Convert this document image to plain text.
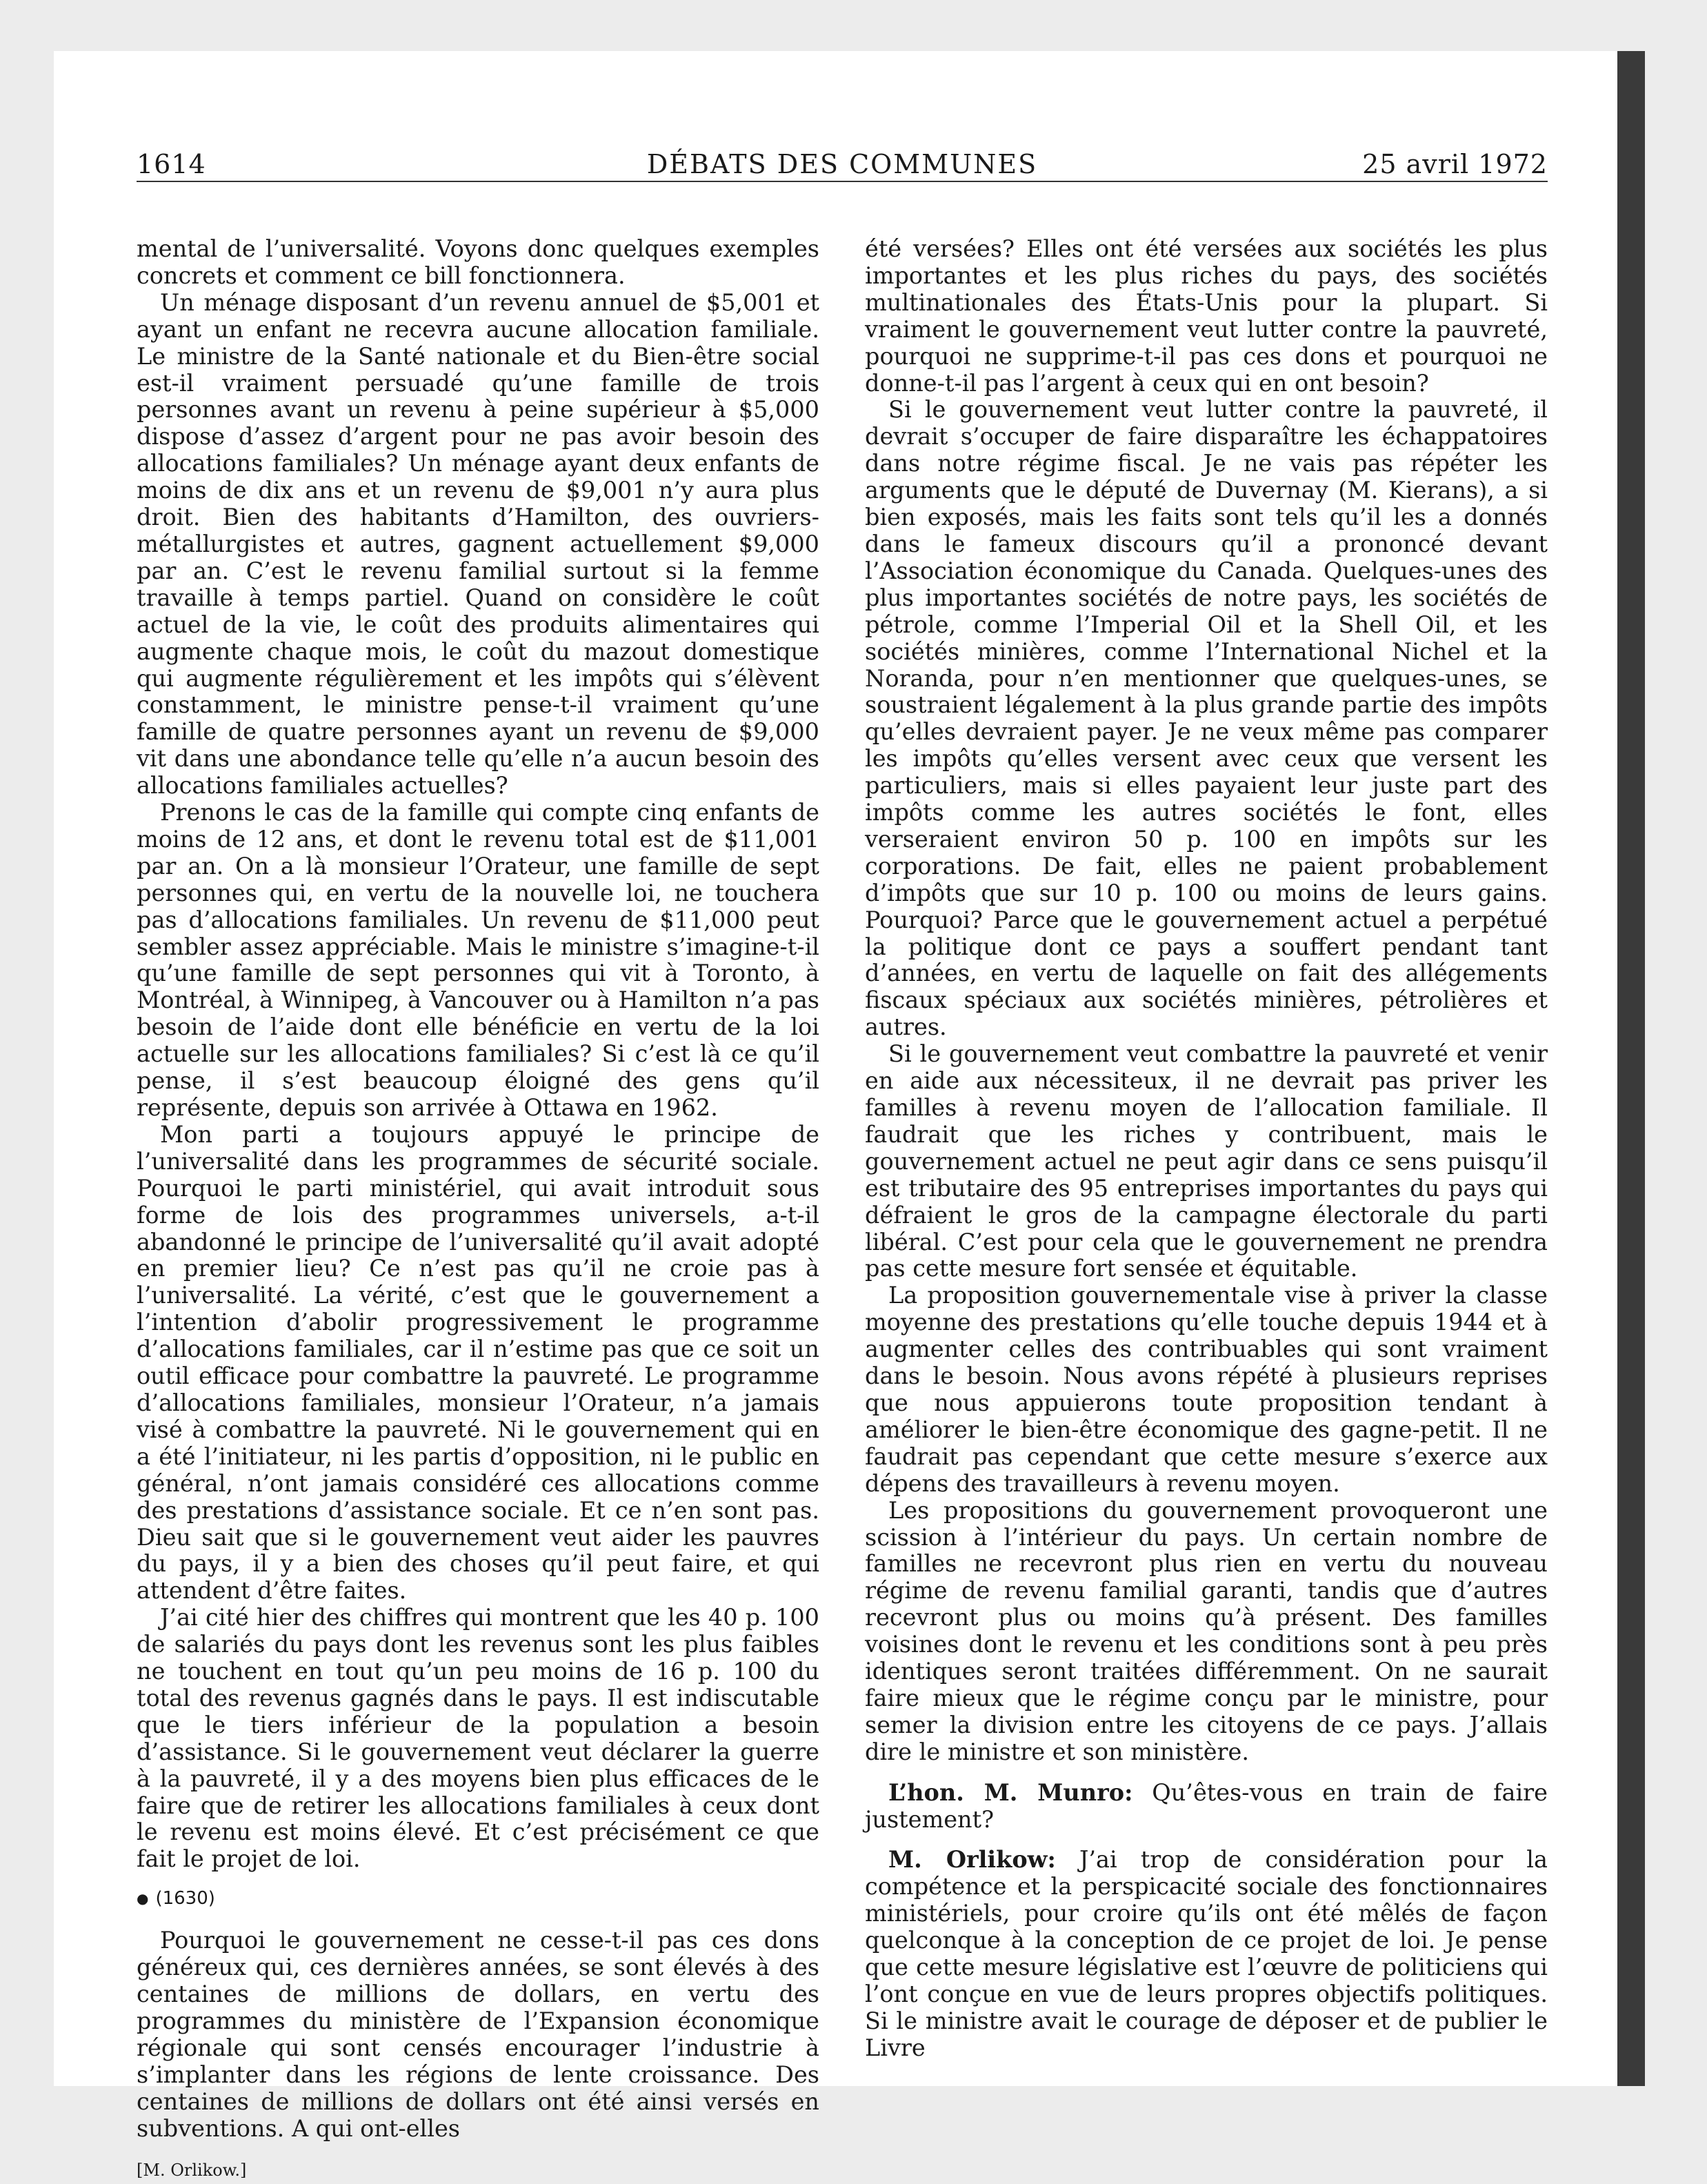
1614	DÉBATS DES COMMUNES	25 avril 1972

mental de l’universalité. Voyons donc quelques exemples concrets et comment ce bill fonctionnera.

Un ménage disposant d’un revenu annuel de $5,001 et ayant un enfant ne recevra aucune allocation familiale. Le ministre de la Santé nationale et du Bien-être social est-il vraiment persuadé qu’une famille de trois personnes avant un revenu à peine supérieur à $5,000 dispose d’assez d’argent pour ne pas avoir besoin des allocations familiales? Un ménage ayant deux enfants de moins de dix ans et un revenu de $9,001 n’y aura plus droit. Bien des habitants d’Hamilton, des ouvriers-métallurgistes et autres, gagnent actuellement $9,000 par an. C’est le revenu familial surtout si la femme travaille à temps partiel. Quand on considère le coût actuel de la vie, le coût des produits alimentaires qui augmente chaque mois, le coût du mazout domestique qui augmente régulièrement et les impôts qui s’élèvent constamment, le ministre pense-t-il vraiment qu’une famille de quatre personnes ayant un revenu de $9,000 vit dans une abondance telle qu’elle n’a aucun besoin des allocations familiales actuelles?

Prenons le cas de la famille qui compte cinq enfants de moins de 12 ans, et dont le revenu total est de $11,001 par an. On a là monsieur l’Orateur, une famille de sept personnes qui, en vertu de la nouvelle loi, ne touchera pas d’allocations familiales. Un revenu de $11,000 peut sembler assez appréciable. Mais le ministre s’imagine-t-il qu’une famille de sept personnes qui vit à Toronto, à Montréal, à Winnipeg, à Vancouver ou à Hamilton n’a pas besoin de l’aide dont elle bénéficie en vertu de la loi actuelle sur les allocations familiales? Si c’est là ce qu’il pense, il s’est beaucoup éloigné des gens qu’il représente, depuis son arrivée à Ottawa en 1962.

Mon parti a toujours appuyé le principe de l’universalité dans les programmes de sécurité sociale. Pourquoi le parti ministériel, qui avait introduit sous forme de lois des programmes universels, a-t-il abandonné le principe de l’universalité qu’il avait adopté en premier lieu? Ce n’est pas qu’il ne croie pas à l’universalité. La vérité, c’est que le gouvernement a l’intention d’abolir progressivement le programme d’allocations familiales, car il n’estime pas que ce soit un outil efficace pour combattre la pauvreté. Le programme d’allocations familiales, monsieur l’Orateur, n’a jamais visé à combattre la pauvreté. Ni le gouvernement qui en a été l’initiateur, ni les partis d’opposition, ni le public en général, n’ont jamais considéré ces allocations comme des prestations d’assistance sociale. Et ce n’en sont pas. Dieu sait que si le gouvernement veut aider les pauvres du pays, il y a bien des choses qu’il peut faire, et qui attendent d’être faites.

J’ai cité hier des chiffres qui montrent que les 40 p. 100 de salariés du pays dont les revenus sont les plus faibles ne touchent en tout qu’un peu moins de 16 p. 100 du total des revenus gagnés dans le pays. Il est indiscutable que le tiers inférieur de la population a besoin d’assistance. Si le gouvernement veut déclarer la guerre à la pauvreté, il y a des moyens bien plus efficaces de le faire que de retirer les allocations familiales à ceux dont le revenu est moins élevé. Et c’est précisément ce que fait le projet de loi.

● (1630)

Pourquoi le gouvernement ne cesse-t-il pas ces dons généreux qui, ces dernières années, se sont élevés à des centaines de millions de dollars, en vertu des programmes du ministère de l’Expansion économique régionale qui sont censés encourager l’industrie à s’implanter dans les régions de lente croissance. Des centaines de millions de dollars ont été ainsi versés en subventions. A qui ont-elles

[M. Orlikow.]

été versées? Elles ont été versées aux sociétés les plus importantes et les plus riches du pays, des sociétés multinationales des États-Unis pour la plupart. Si vraiment le gouvernement veut lutter contre la pauvreté, pourquoi ne supprime-t-il pas ces dons et pourquoi ne donne-t-il pas l’argent à ceux qui en ont besoin?

Si le gouvernement veut lutter contre la pauvreté, il devrait s’occuper de faire disparaître les échappatoires dans notre régime fiscal. Je ne vais pas répéter les arguments que le député de Duvernay (M. Kierans), a si bien exposés, mais les faits sont tels qu’il les a donnés dans le fameux discours qu’il a prononcé devant l’Association économique du Canada. Quelques-unes des plus importantes sociétés de notre pays, les sociétés de pétrole, comme l’Imperial Oil et la Shell Oil, et les sociétés minières, comme l’International Nichel et la Noranda, pour n’en mentionner que quelques-unes, se soustraient légalement à la plus grande partie des impôts qu’elles devraient payer. Je ne veux même pas comparer les impôts qu’elles versent avec ceux que versent les particuliers, mais si elles payaient leur juste part des impôts comme les autres sociétés le font, elles verseraient environ 50 p. 100 en impôts sur les corporations. De fait, elles ne paient probablement d’impôts que sur 10 p. 100 ou moins de leurs gains. Pourquoi? Parce que le gouvernement actuel a perpétué la politique dont ce pays a souffert pendant tant d’années, en vertu de laquelle on fait des allégements fiscaux spéciaux aux sociétés minières, pétrolières et autres.

Si le gouvernement veut combattre la pauvreté et venir en aide aux nécessiteux, il ne devrait pas priver les familles à revenu moyen de l’allocation familiale. Il faudrait que les riches y contribuent, mais le gouvernement actuel ne peut agir dans ce sens puisqu’il est tributaire des 95 entreprises importantes du pays qui défraient le gros de la campagne électorale du parti libéral. C’est pour cela que le gouvernement ne prendra pas cette mesure fort sensée et équitable.

La proposition gouvernementale vise à priver la classe moyenne des prestations qu’elle touche depuis 1944 et à augmenter celles des contribuables qui sont vraiment dans le besoin. Nous avons répété à plusieurs reprises que nous appuierons toute proposition tendant à améliorer le bien-être économique des gagne-petit. Il ne faudrait pas cependant que cette mesure s’exerce aux dépens des travailleurs à revenu moyen.

Les propositions du gouvernement provoqueront une scission à l’intérieur du pays. Un certain nombre de familles ne recevront plus rien en vertu du nouveau régime de revenu familial garanti, tandis que d’autres recevront plus ou moins qu’à présent. Des familles voisines dont le revenu et les conditions sont à peu près identiques seront traitées différemment. On ne saurait faire mieux que le régime conçu par le ministre, pour semer la division entre les citoyens de ce pays. J’allais dire le ministre et son ministère.

L’hon. M. Munro: Qu’êtes-vous en train de faire justement?

M. Orlikow: J’ai trop de considération pour la compétence et la perspicacité sociale des fonctionnaires ministériels, pour croire qu’ils ont été mêlés de façon quelconque à la conception de ce projet de loi. Je pense que cette mesure législative est l’œuvre de politiciens qui l’ont conçue en vue de leurs propres objectifs politiques. Si le ministre avait le courage de déposer et de publier le Livre
